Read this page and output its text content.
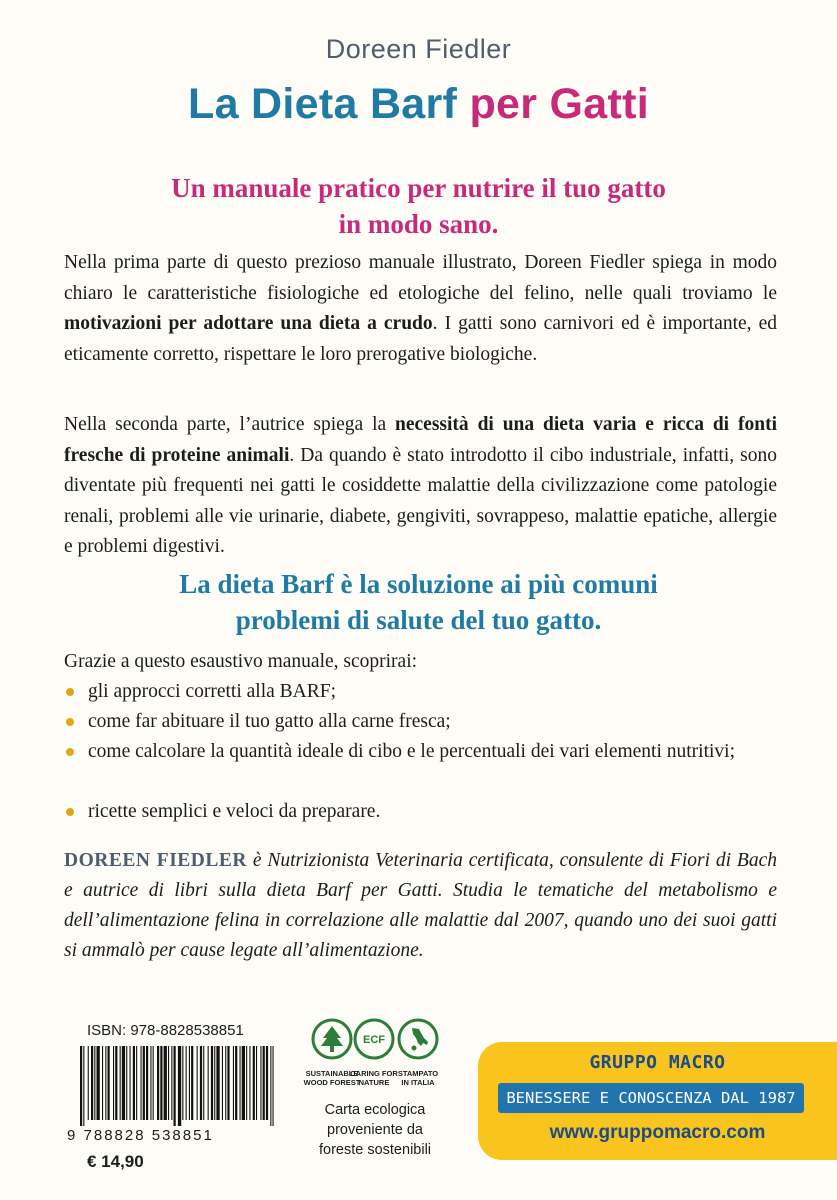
Doreen Fiedler
La Dieta Barf per Gatti
Un manuale pratico per nutrire il tuo gatto
in modo sano.

Nella prima parte di questo prezioso manuale illustrato, Doreen Fiedler spiega in modo chiaro le caratteristiche fisiologiche ed etologiche del felino, nelle quali troviamo le motivazioni per adottare una dieta a crudo. I gatti sono carnivori ed è importante, ed eticamente corretto, rispettare le loro prerogative biologiche.

Nella seconda parte, l’autrice spiega la necessità di una dieta varia e ricca di fonti fresche di proteine animali. Da quando è stato introdotto il cibo industriale, infatti, sono diventate più frequenti nei gatti le cosiddette malattie della civilizzazione come patologie renali, problemi alle vie urinarie, diabete, gengiviti, sovrappeso, malattie epatiche, allergie e problemi digestivi.

La dieta Barf è la soluzione ai più comuni
problemi di salute del tuo gatto.
Grazie a questo esaustivo manuale, scoprirai:
gli approcci corretti alla BARF;
come far abituare il tuo gatto alla carne fresca;
come calcolare la quantità ideale di cibo e le percentuali dei vari elementi nutritivi;
ricette semplici e veloci da preparare.

DOREEN FIEDLER è Nutrizionista Veterinaria certificata, consulente di Fiori di Bach e autrice di libri sulla dieta Barf per Gatti. Studia le tematiche del metabolismo e dell’alimentazione felina in correlazione alle malattie dal 2007, quando uno dei suoi gatti si ammalò per cause legate all’alimentazione.

ISBN: 978-8828538851
9 788828 538851
€ 14,90
SUSTAINABLE
WOOD FOREST
ECF
CARING FOR
NATURE
STAMPATO
IN ITALIA
Carta ecologica
proveniente da
foreste sostenibili
GRUPPO MACRO
BENESSERE E CONOSCENZA DAL 1987
www.gruppomacro.com
